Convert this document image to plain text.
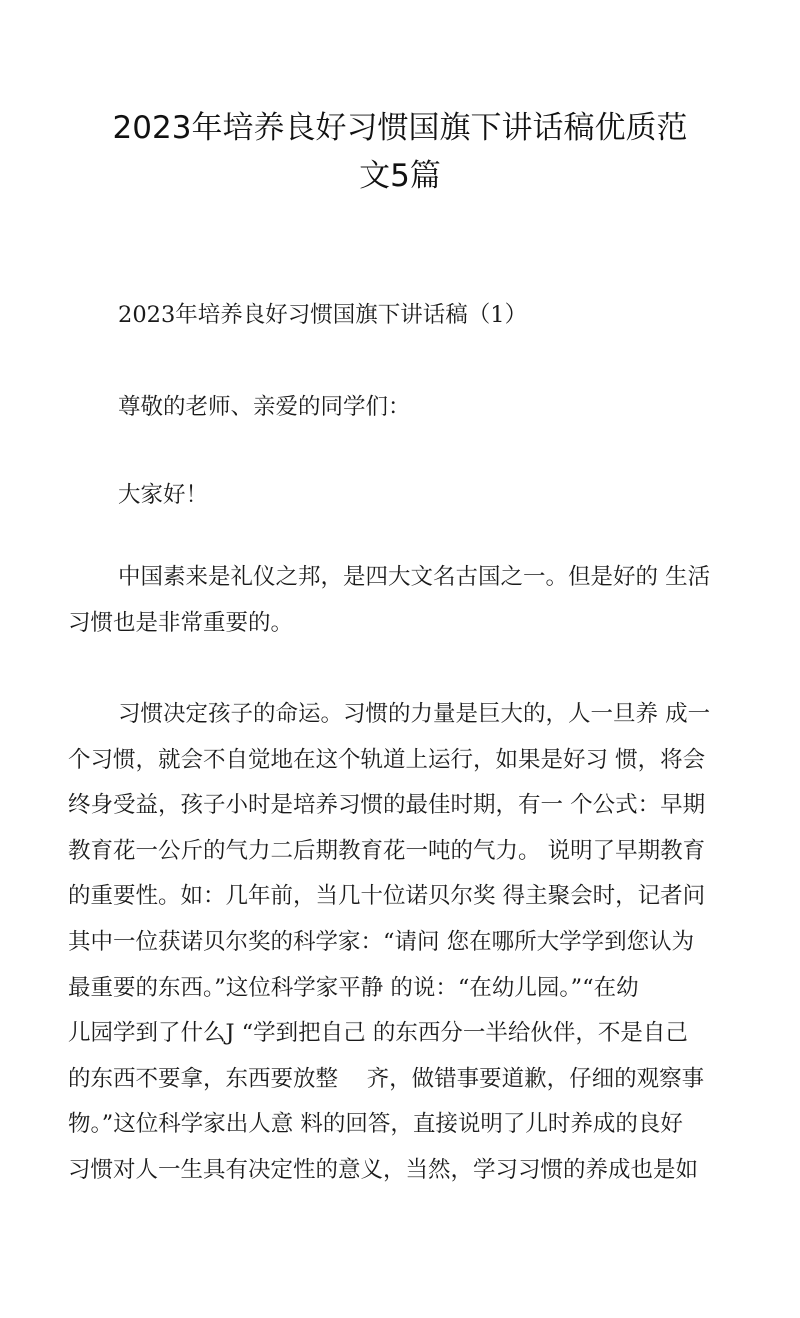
2023年培养良好习惯国旗下讲话稿优质范
文5篇

2023年培养良好习惯国旗下讲话稿（1）

尊敬的老师、亲爱的同学们：

大家好！

中国素来是礼仪之邦，是四大文名古国之一。但是好的 生活
习惯也是非常重要的。
习惯决定孩子的命运。习惯的力量是巨大的，人一旦养 成一
个习惯，就会不自觉地在这个轨道上运行，如果是好习 惯，将会
终身受益，孩子小时是培养习惯的最佳时期，有一 个公式：早期
教育花一公斤的气力二后期教育花一吨的气力。 说明了早期教育
的重要性。如：几年前，当几十位诺贝尔奖 得主聚会时，记者问
其中一位获诺贝尔奖的科学家：“请问 您在哪所大学学到您认为
最重要的东西。”这位科学家平静 的说：“在幼儿园。”“在幼
儿园学到了什么J “学到把自己 的东西分一半给伙伴，不是自己
的东西不要拿，东西要放整    齐，做错事要道歉，仔细的观察事
物。”这位科学家出人意 料的回答，直接说明了儿时养成的良好
习惯对人一生具有决定性的意义，当然，学习习惯的养成也是如
